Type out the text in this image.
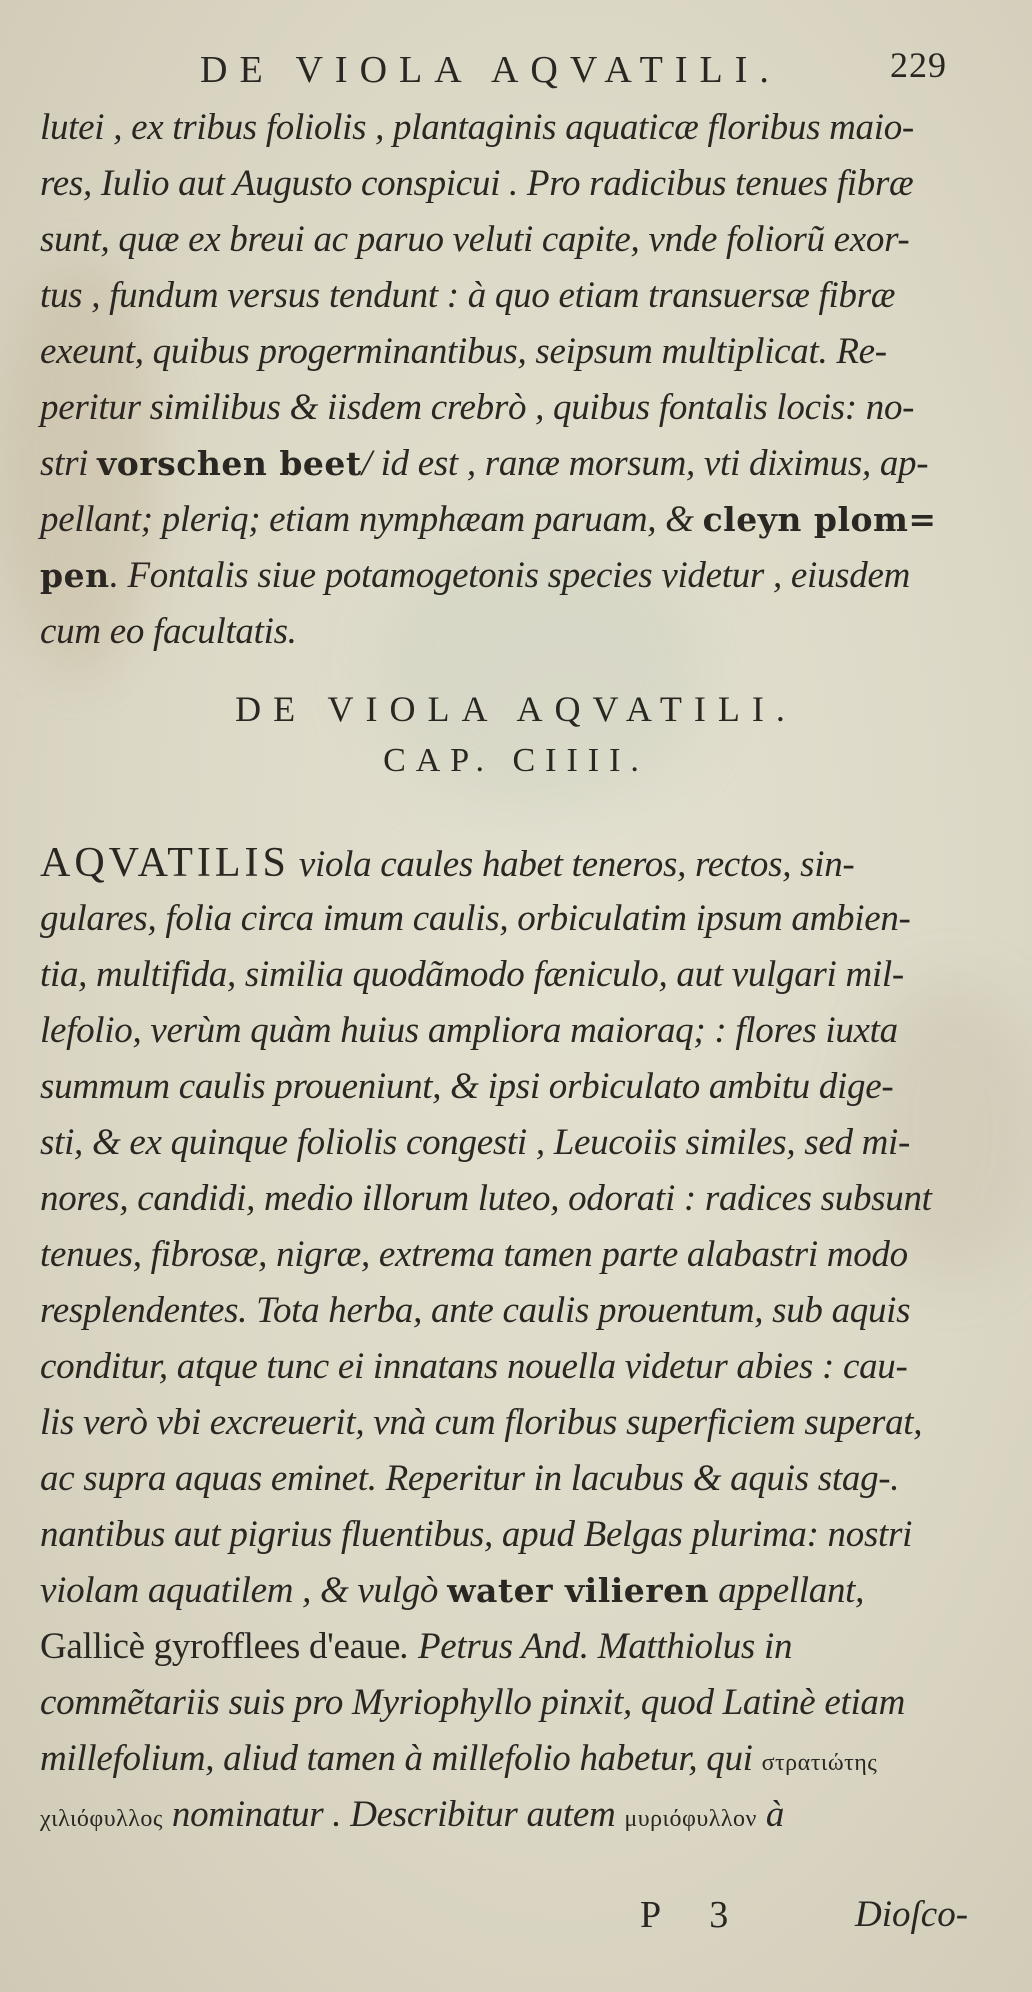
DE VIOLA AQVATILI.	229
lutei , ex tribus foliolis , plantaginis aquaticæ floribus maio-
res, Iulio aut Augusto conspicui . Pro radicibus tenues fibræ
sunt, quæ ex breui ac paruo veluti capite, vnde foliorũ exor-
tus , fundum versus tendunt : à quo etiam transuersæ fibræ
exeunt, quibus progerminantibus, seipsum multiplicat. Re-
peritur similibus & iisdem crebrò , quibus fontalis locis: no-
stri vorschen beet/ id est , ranæ morsum, vti diximus, ap-
pellant; pleriq; etiam nymphæam paruam, & cleyn plom=
pen. Fontalis siue potamogetonis species videtur , eiusdem
cum eo facultatis.
DE VIOLA AQVATILI.
CAP. CIIII.
AQVATILIS viola caules habet teneros, rectos, sin-
gulares, folia circa imum caulis, orbiculatim ipsum ambien-
tia, multifida, similia quodãmodo fæniculo, aut vulgari mil-
lefolio, verùm quàm huius ampliora maioraq; : flores iuxta
summum caulis proueniunt, & ipsi orbiculato ambitu dige-
sti, & ex quinque foliolis congesti , Leucoiis similes, sed mi-
nores, candidi, medio illorum luteo, odorati : radices subsunt
tenues, fibrosæ, nigræ, extrema tamen parte alabastri modo
resplendentes. Tota herba, ante caulis prouentum, sub aquis
conditur, atque tunc ei innatans nouella videtur abies : cau-
lis verò vbi excreuerit, vnà cum floribus superficiem superat,
ac supra aquas eminet. Reperitur in lacubus & aquis stag-.
nantibus aut pigrius fluentibus, apud Belgas plurima: nostri
violam aquatilem , & vulgò water vilieren appellant,
Gallicè gyrofflees d'eaue. Petrus And. Matthiolus in
commẽtariis suis pro Myriophyllo pinxit, quod Latinè etiam
millefolium, aliud tamen à millefolio habetur, qui στρατιώτης
χιλιόφυλλος nominatur . Describitur autem μυριόφυλλον à
P 3	Dioſco-
